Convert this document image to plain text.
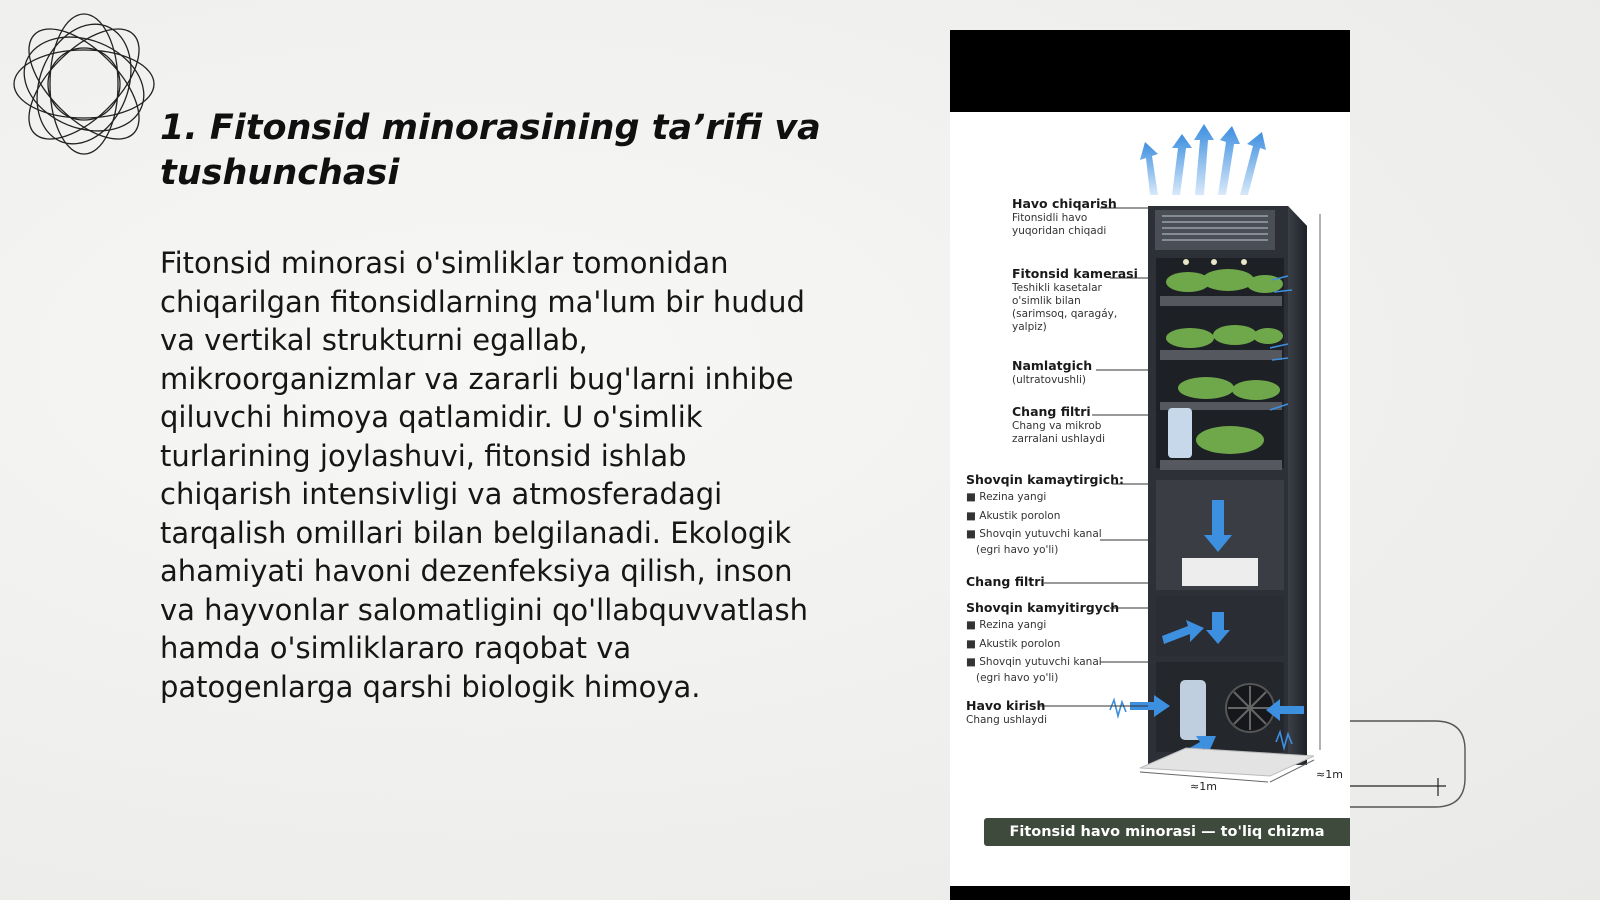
1. Fitonsid minorasining ta’rifi va tushunchasi

Fitonsid minorasi o'simliklar tomonidan
chiqarilgan fitonsidlarning ma'lum bir hudud
va vertikal strukturni egallab,
mikroorganizmlar va zararli bug'larni inhibe
qiluvchi himoya qatlamidir. U o'simlik
turlarining joylashuvi, fitonsid ishlab
chiqarish intensivligi va atmosferadagi
tarqalish omillari bilan belgilanadi. Ekologik
ahamiyati havoni dezenfeksiya qilish, inson
va hayvonlar salomatligini qo'llabquvvatlash
hamda o'simliklararo raqobat va
patogenlarga qarshi biologik himoya.

Havo chiqarish
Fitonsidli havo
yuqoridan chiqadi
Fitonsid kamerasi
Teshikli kasetalar
o'simlik bilan
(sarimsoq, qaragáy,
yalpiz)
Namlatgich
(ultratovushli)
Chang filtri
Chang va mikrob
zarralani ushlaydi
Shovqin kamaytirgich:
■ Rezina yangi
■ Akustik porolon
■ Shovqin yutuvchi kanal
(egri havo yo'li)
Chang filtri
Shovqin kamyitirgych
■ Rezina yangi
■ Akustik porolon
■ Shovqin yutuvchi kanal
(egri havo yo'li)
Havo kirish
Chang ushlaydi
≈1m
≈1m
Fitonsid havo minorasi — to'liq chizma
